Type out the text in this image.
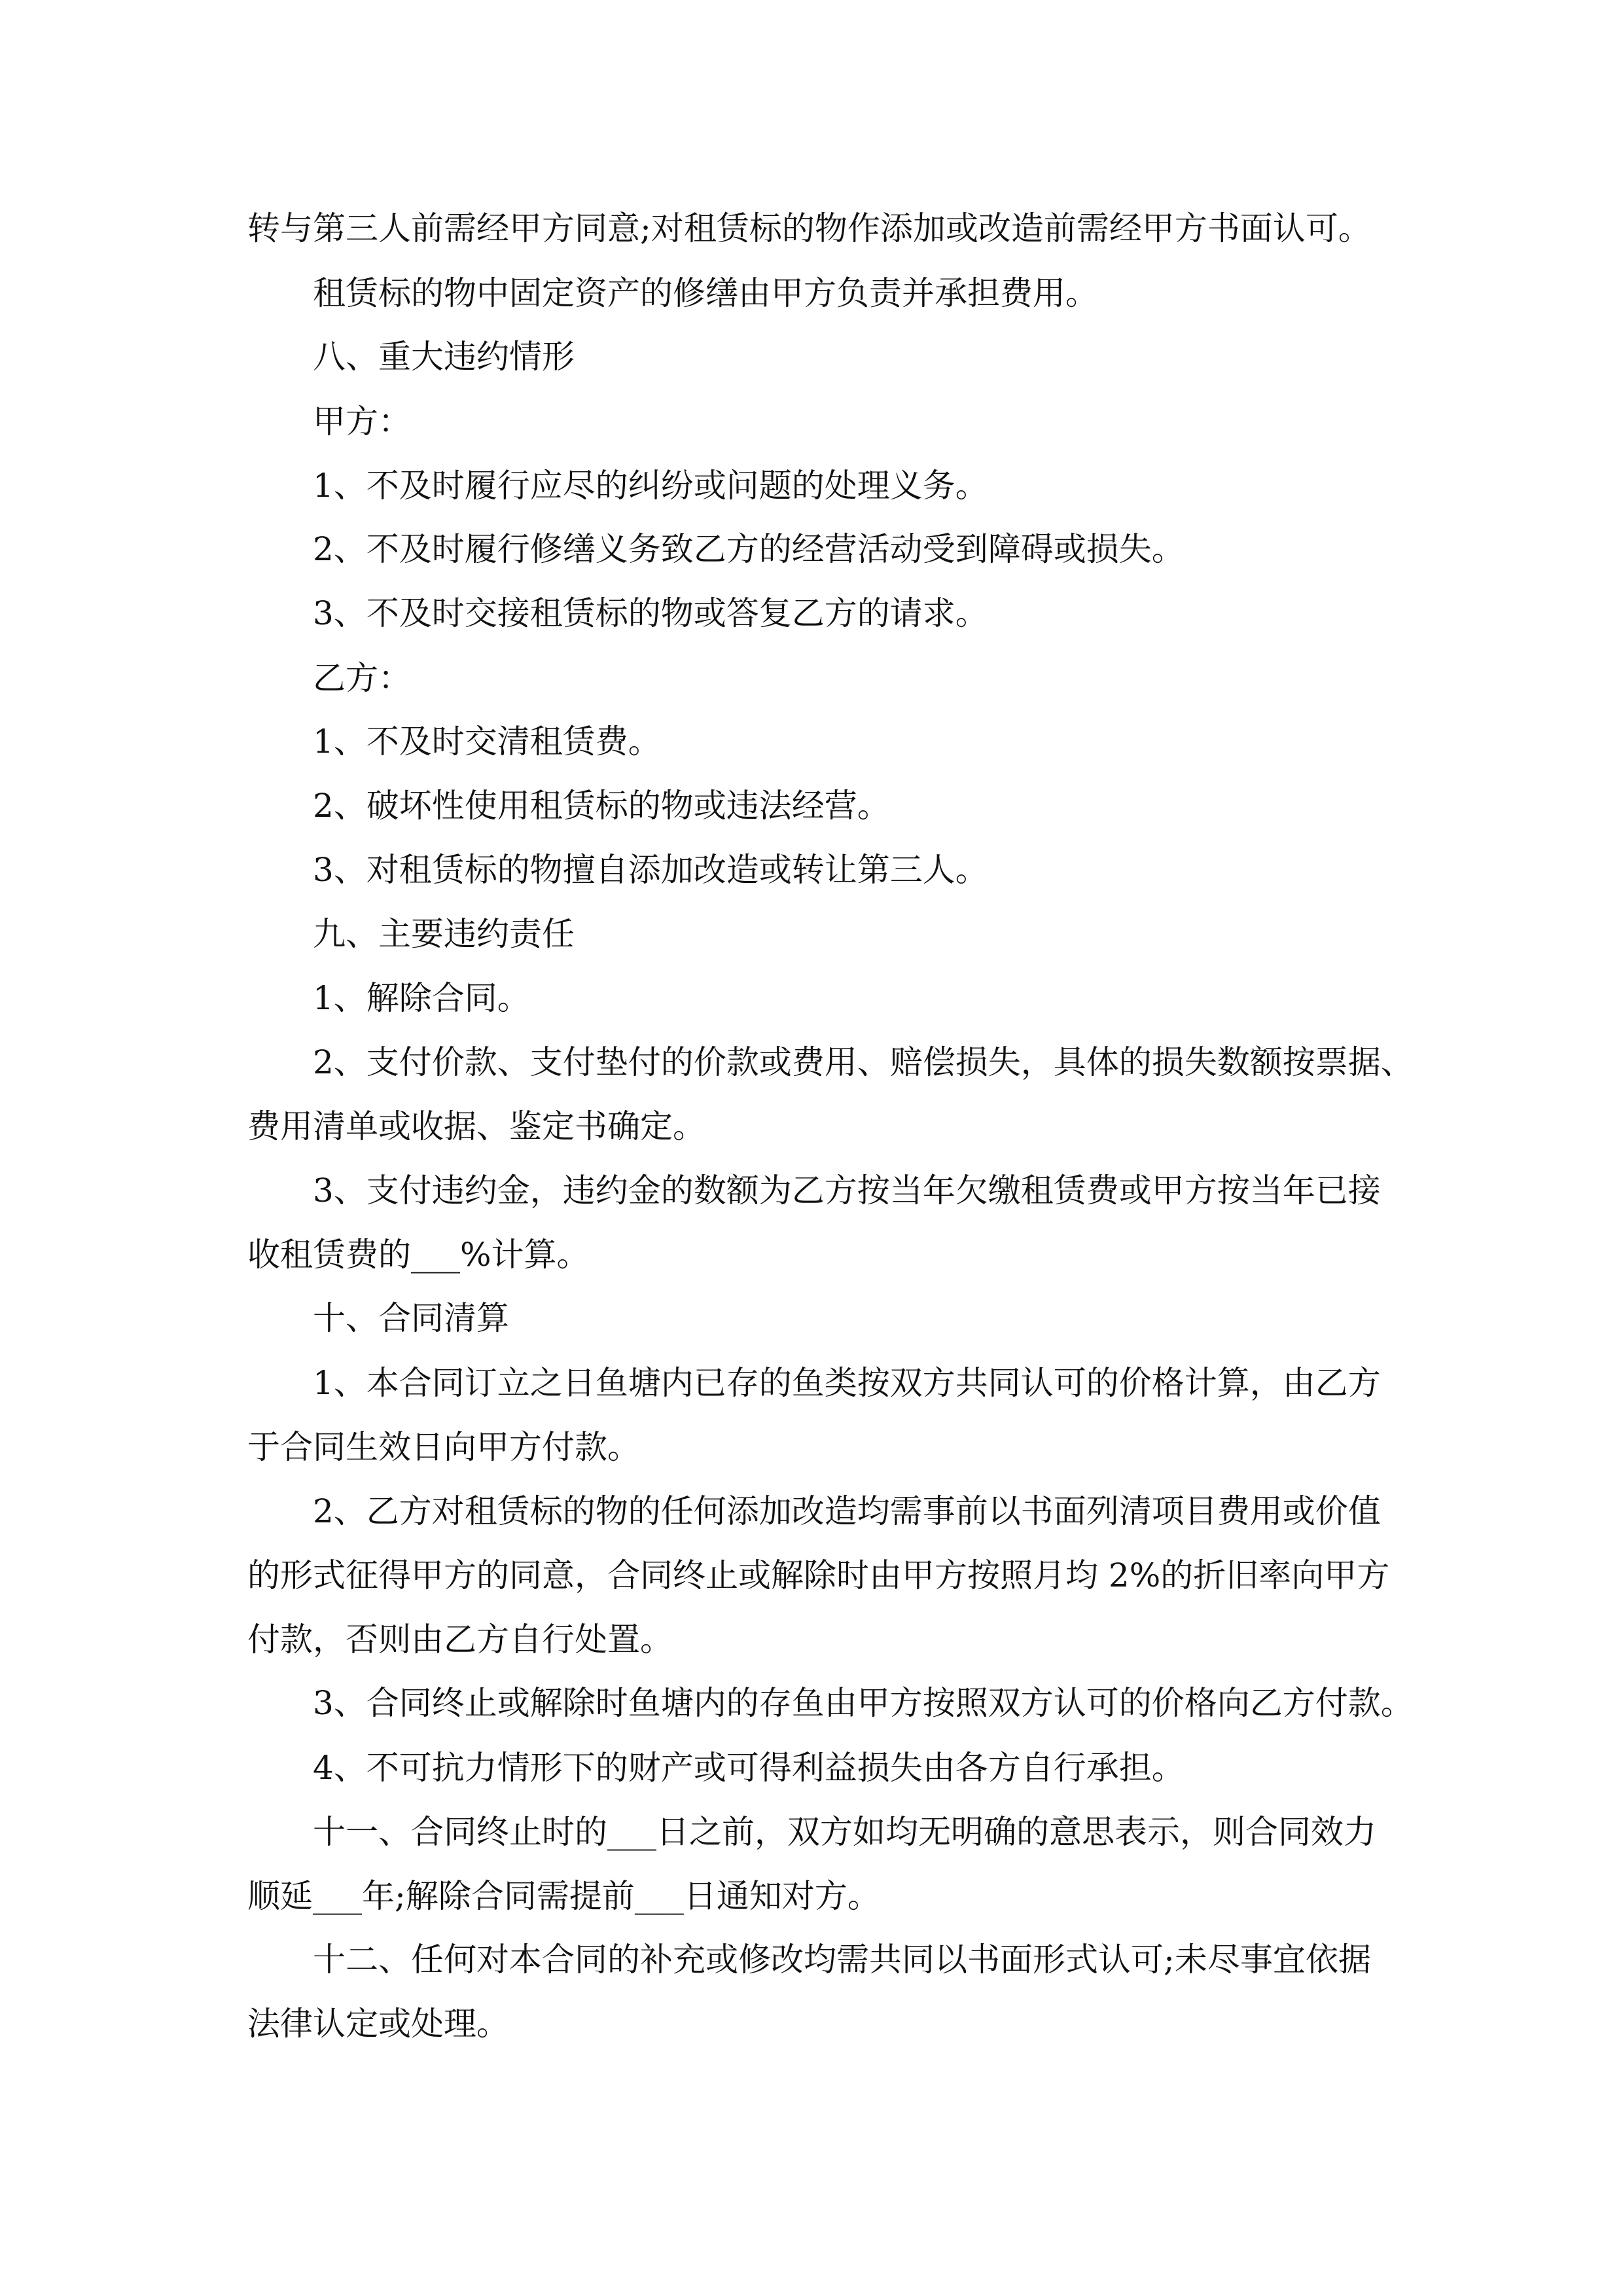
转与第三人前需经甲方同意;对租赁标的物作添加或改造前需经甲方书面认可。

租赁标的物中固定资产的修缮由甲方负责并承担费用。

八、重大违约情形

甲方：

1、不及时履行应尽的纠纷或问题的处理义务。

2、不及时履行修缮义务致乙方的经营活动受到障碍或损失。

3、不及时交接租赁标的物或答复乙方的请求。

乙方：

1、不及时交清租赁费。

2、破坏性使用租赁标的物或违法经营。

3、对租赁标的物擅自添加改造或转让第三人。

九、主要违约责任

1、解除合同。

2、支付价款、支付垫付的价款或费用、赔偿损失，具体的损失数额按票据、

费用清单或收据、鉴定书确定。

3、支付违约金，违约金的数额为乙方按当年欠缴租赁费或甲方按当年已接

收租赁费的___%计算。

十、合同清算

1、本合同订立之日鱼塘内已存的鱼类按双方共同认可的价格计算，由乙方

于合同生效日向甲方付款。

2、乙方对租赁标的物的任何添加改造均需事前以书面列清项目费用或价值

的形式征得甲方的同意，合同终止或解除时由甲方按照月均 2%的折旧率向甲方

付款，否则由乙方自行处置。

3、合同终止或解除时鱼塘内的存鱼由甲方按照双方认可的价格向乙方付款。

4、不可抗力情形下的财产或可得利益损失由各方自行承担。

十一、合同终止时的___日之前，双方如均无明确的意思表示，则合同效力

顺延___年;解除合同需提前___日通知对方。

十二、任何对本合同的补充或修改均需共同以书面形式认可;未尽事宜依据

法律认定或处理。
